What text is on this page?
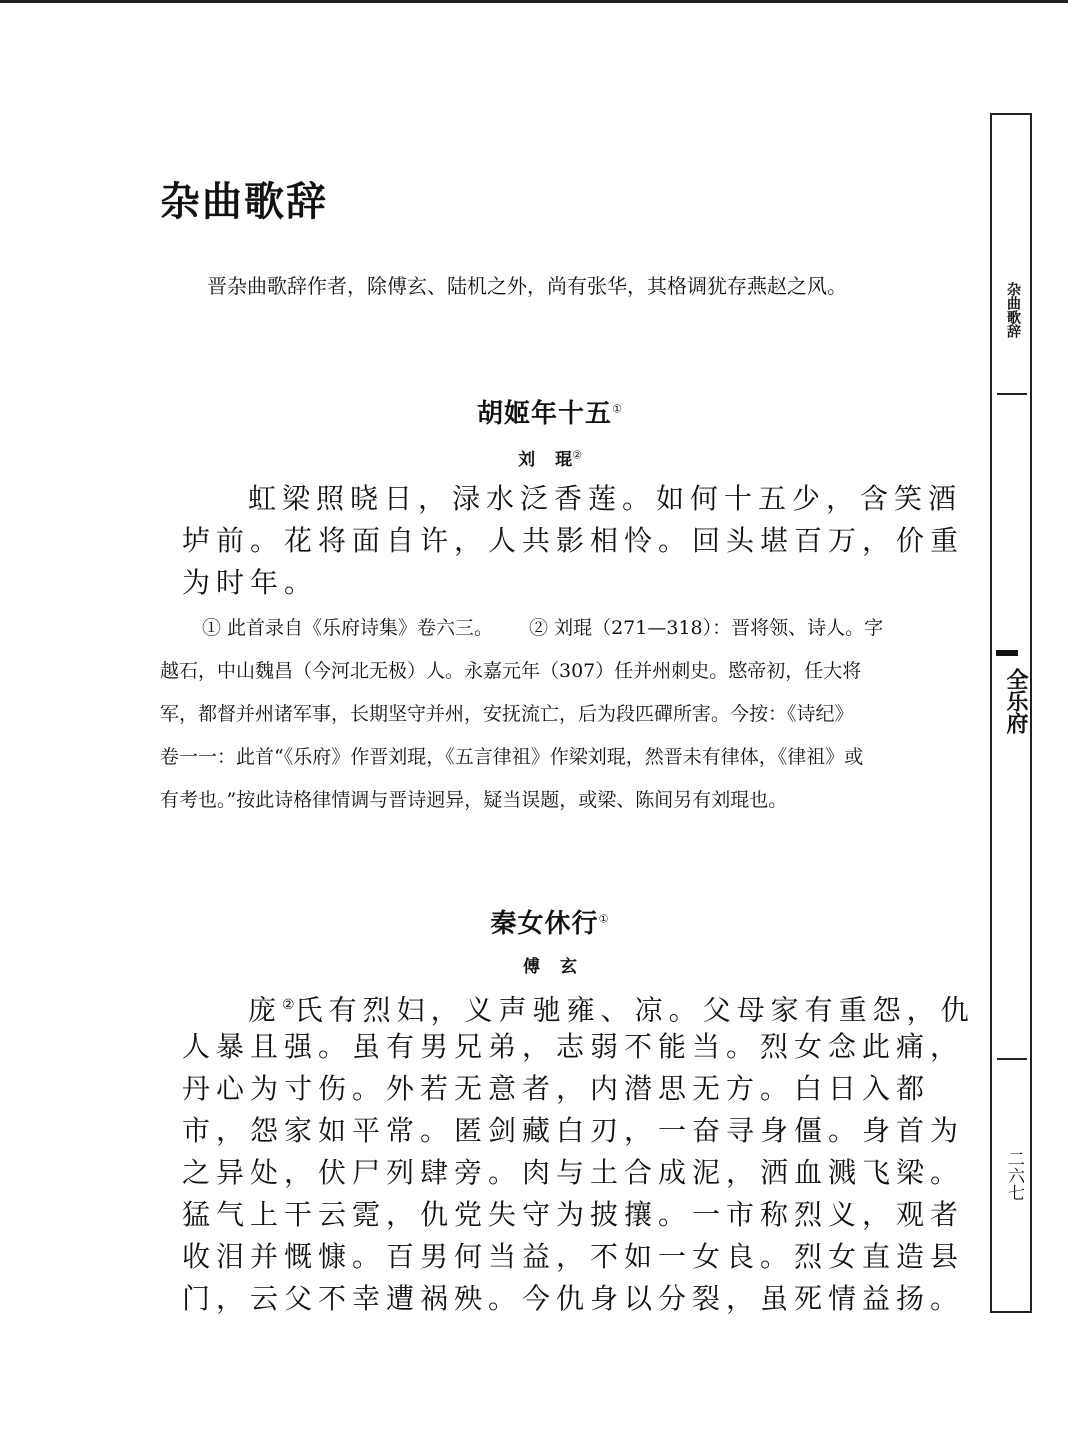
杂曲歌辞

晋杂曲歌辞作者，除傅玄、陆机之外，尚有张华，其格调犹存燕赵之风。

胡姬年十五①

刘 琨②

虹梁照晓日，渌水泛香莲。如何十五少，含笑酒

垆前。花将面自许，人共影相怜。回头堪百万，价重

为时年。

① 此首录自《乐府诗集》卷六三。 ② 刘琨（271—318）：晋将领、诗人。字

越石，中山魏昌（今河北无极）人。永嘉元年（307）任并州刺史。愍帝初，任大将

军，都督并州诸军事，长期坚守并州，安抚流亡，后为段匹磾所害。今按：《诗纪》

卷一一：此首“《乐府》作晋刘琨，《五言律祖》作梁刘琨，然晋未有律体，《律祖》或

有考也。”按此诗格律情调与晋诗迥异，疑当误题，或梁、陈间另有刘琨也。

秦女休行①

傅 玄

庞②氏有烈妇，义声驰雍、凉。父母家有重怨，仇

人暴且强。虽有男兄弟，志弱不能当。烈女念此痛，

丹心为寸伤。外若无意者，内潜思无方。白日入都

市，怨家如平常。匿剑藏白刃，一奋寻身僵。身首为

之异处，伏尸列肆旁。肉与土合成泥，洒血溅飞梁。

猛气上干云霓，仇党失守为披攘。一市称烈义，观者

收泪并慨慷。百男何当益，不如一女良。烈女直造县

门，云父不幸遭祸殃。今仇身以分裂，虽死情益扬。

杂曲歌辞
全乐府
二六七
